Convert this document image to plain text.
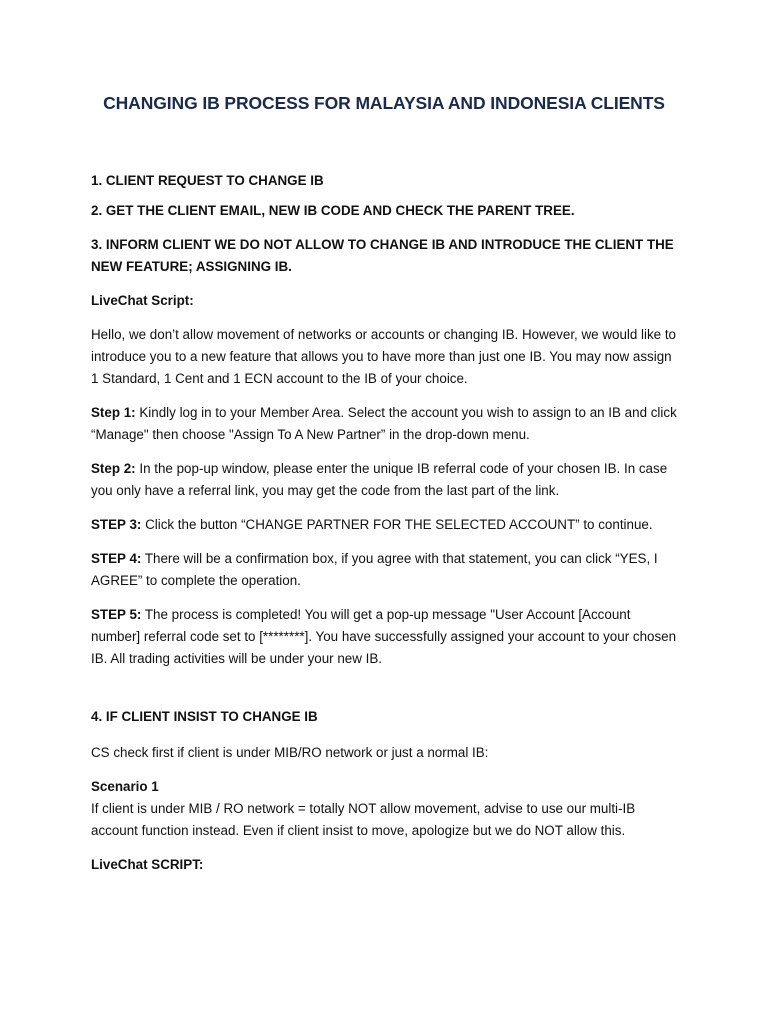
CHANGING IB PROCESS FOR MALAYSIA AND INDONESIA CLIENTS

1. CLIENT REQUEST TO CHANGE IB

2. GET THE CLIENT EMAIL, NEW IB CODE AND CHECK THE PARENT TREE.

3. INFORM CLIENT WE DO NOT ALLOW TO CHANGE IB AND INTRODUCE THE CLIENT THE NEW FEATURE; ASSIGNING IB.

LiveChat Script:

Hello, we don’t allow movement of networks or accounts or changing IB. However, we would like to introduce you to a new feature that allows you to have more than just one IB. You may now assign 1 Standard, 1 Cent and 1 ECN account to the IB of your choice.

Step 1: Kindly log in to your Member Area. Select the account you wish to assign to an IB and click “Manage" then choose "Assign To A New Partner” in the drop-down menu.

Step 2: In the pop-up window, please enter the unique IB referral code of your chosen IB. In case you only have a referral link, you may get the code from the last part of the link.

STEP 3: Click the button “CHANGE PARTNER FOR THE SELECTED ACCOUNT” to continue.

STEP 4: There will be a confirmation box, if you agree with that statement, you can click “YES, I AGREE” to complete the operation.

STEP 5: The process is completed! You will get a pop-up message "User Account [Account number] referral code set to [********]. You have successfully assigned your account to your chosen IB. All trading activities will be under your new IB.

4. IF CLIENT INSIST TO CHANGE IB

CS check first if client is under MIB/RO network or just a normal IB:

Scenario 1

If client is under MIB / RO network = totally NOT allow movement, advise to use our multi-IB account function instead. Even if client insist to move, apologize but we do NOT allow this.

LiveChat SCRIPT:
